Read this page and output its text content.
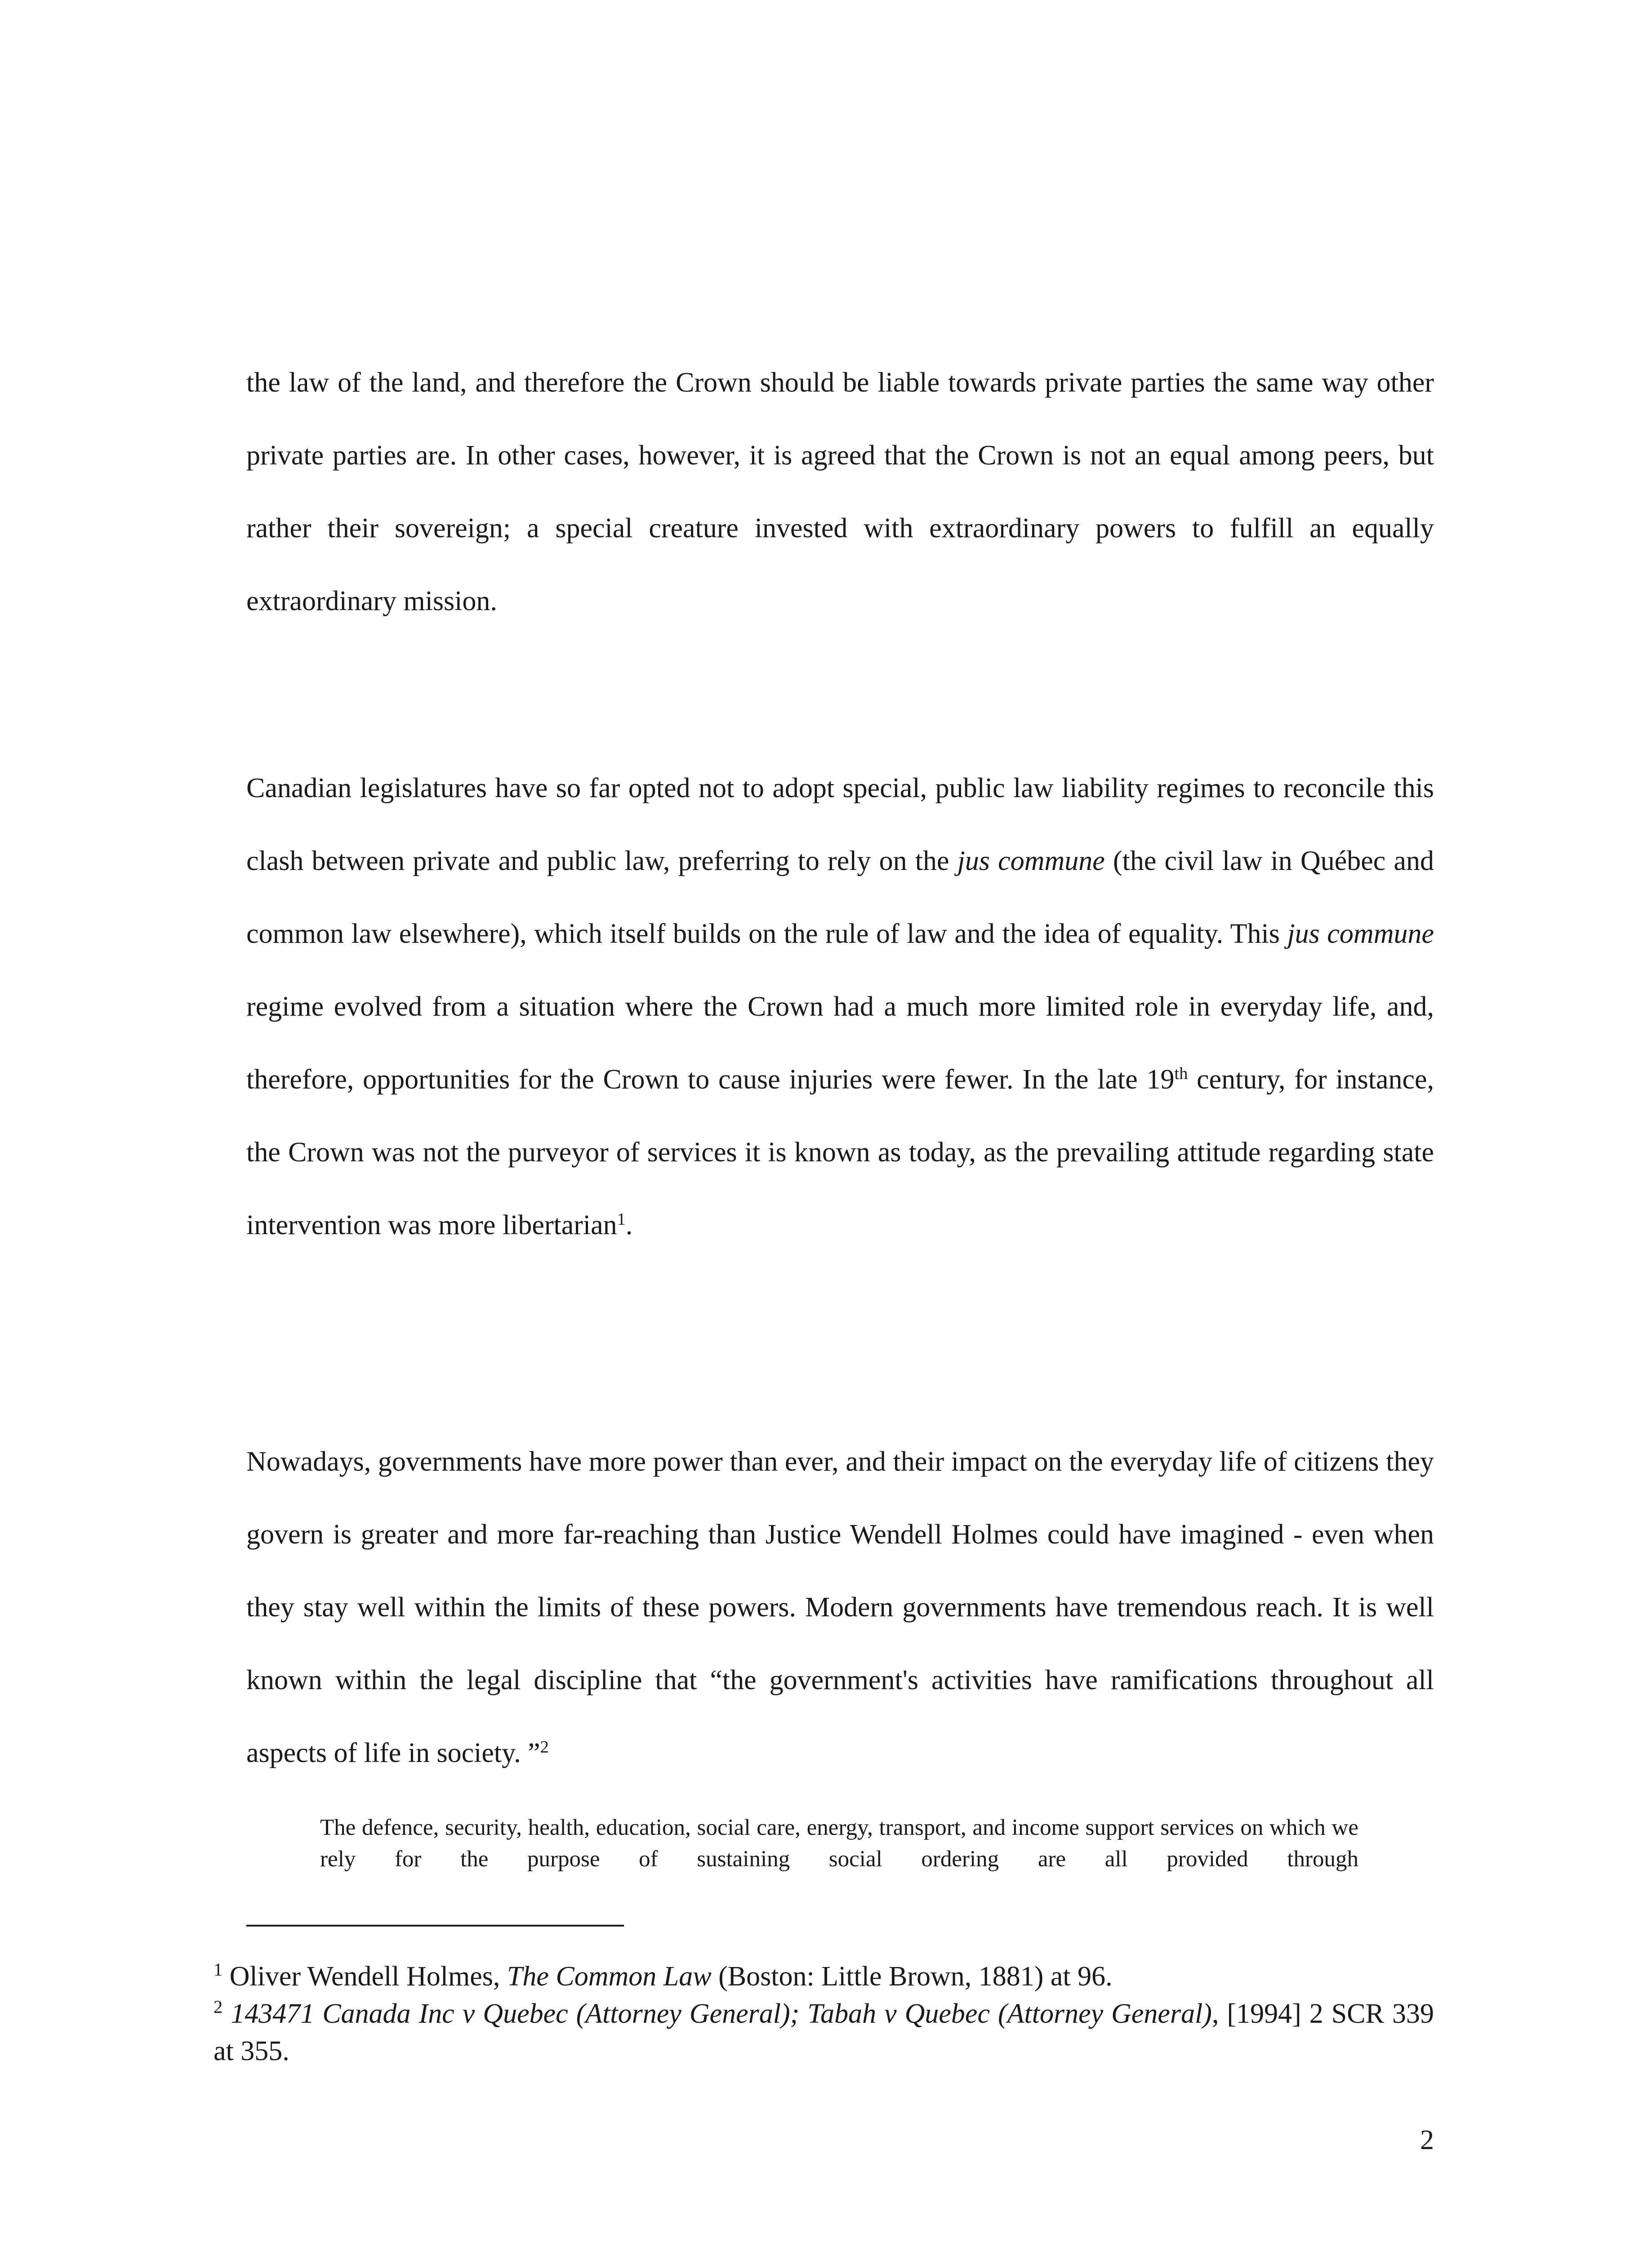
the law of the land, and therefore the Crown should be liable towards private parties the same way other private parties are. In other cases, however, it is agreed that the Crown is not an equal among peers, but rather their sovereign; a special creature invested with extraordinary powers to fulfill an equally extraordinary mission.

Canadian legislatures have so far opted not to adopt special, public law liability regimes to reconcile this clash between private and public law, preferring to rely on the jus commune (the civil law in Québec and common law elsewhere), which itself builds on the rule of law and the idea of equality. This jus commune regime evolved from a situation where the Crown had a much more limited role in everyday life, and, therefore, opportunities for the Crown to cause injuries were fewer. In the late 19th century, for instance, the Crown was not the purveyor of services it is known as today, as the prevailing attitude regarding state intervention was more libertarian$^1$.

Nowadays, governments have more power than ever, and their impact on the everyday life of citizens they govern is greater and more far-reaching than Justice Wendell Holmes could have imagined - even when they stay well within the limits of these powers. Modern governments have tremendous reach. It is well known within the legal discipline that “the government's activities have ramifications throughout all aspects of life in society. ”$^2$

The defence, security, health, education, social care, energy, transport, and income support services on which we rely for the purpose of sustaining social ordering are all provided through

$^1$ Oliver Wendell Holmes, The Common Law (Boston: Little Brown, 1881) at 96.

$^2$ 143471 Canada Inc v Quebec (Attorney General); Tabah v Quebec (Attorney General), [1994] 2 SCR 339 at 355.

2
